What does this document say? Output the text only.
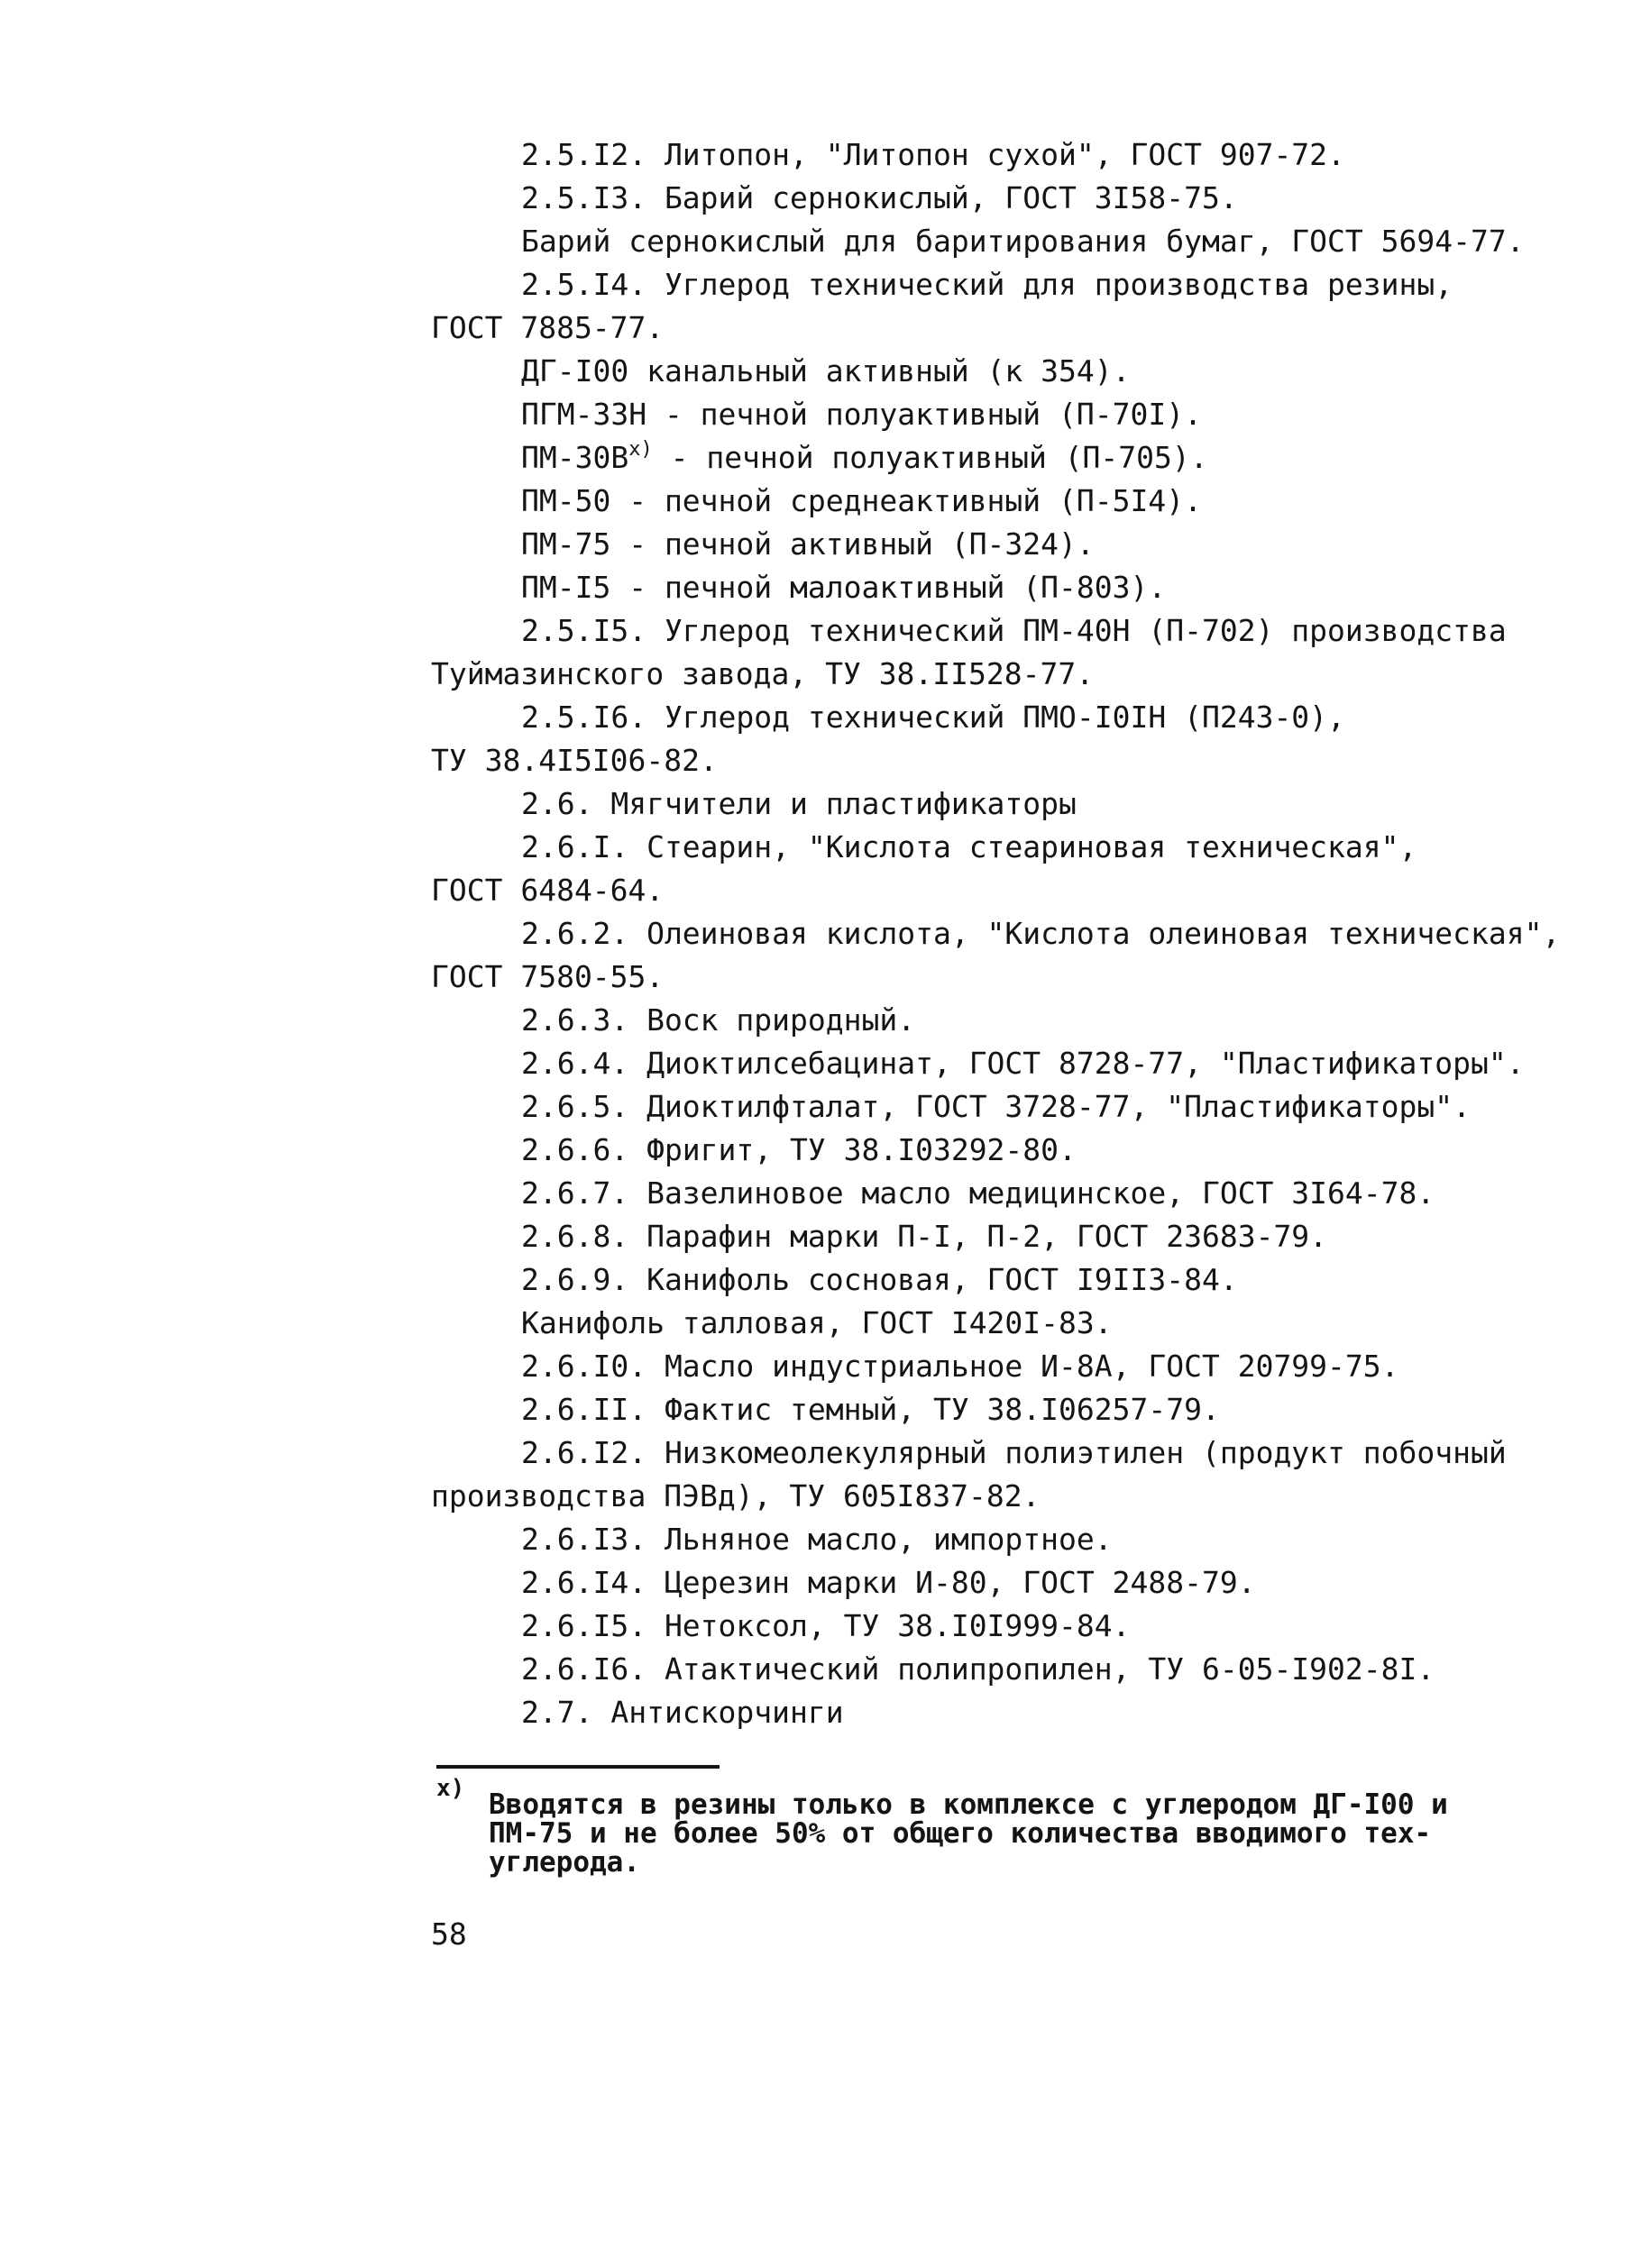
2.5.I2. Литопон, "Литопон сухой", ГОСТ 907-72.
2.5.I3. Барий сернокислый, ГОСТ 3I58-75.
Барий сернокислый для баритирования бумаг, ГОСТ 5694-77.
2.5.I4. Углерод технический для производства резины,
ГОСТ 7885-77.
ДГ-I00 канальный активный (к 354).
ПГМ-33Н - печной полуактивный (П-70I).
$ПМ-30В^{x)}$ - печной полуактивный (П-705).
ПМ-50 - печной среднеактивный (П-5I4).
ПМ-75 - печной активный (П-324).
ПМ-I5 - печной малоактивный (П-803).
2.5.I5. Углерод технический ПМ-40Н (П-702) производства
Туймазинского завода, ТУ 38.II528-77.
2.5.I6. Углерод технический ПМО-I0IН (П243-0),
ТУ 38.4I5I06-82.
2.6. Мягчители и пластификаторы
2.6.I. Стеарин, "Кислота стеариновая техническая",
ГОСТ 6484-64.
2.6.2. Олеиновая кислота, "Кислота олеиновая техническая",
ГОСТ 7580-55.
2.6.3. Воск природный.
2.6.4. Диоктилсебацинат, ГОСТ 8728-77, "Пластификаторы".
2.6.5. Диоктилфталат, ГОСТ 3728-77, "Пластификаторы".
2.6.6. Фригит, ТУ 38.I03292-80.
2.6.7. Вазелиновое масло медицинское, ГОСТ 3I64-78.
2.6.8. Парафин марки П-I, П-2, ГОСТ 23683-79.
2.6.9. Канифоль сосновая, ГОСТ I9II3-84.
Канифоль талловая, ГОСТ I420I-83.
2.6.I0. Масло индустриальное И-8А, ГОСТ 20799-75.
2.6.II. Фактис темный, ТУ 38.I06257-79.
2.6.I2. Низкомеолекулярный полиэтилен (продукт побочный
производства ПЭВд), ТУ 605I837-82.
2.6.I3. Льняное масло, импортное.
2.6.I4. Церезин марки И-80, ГОСТ 2488-79.
2.6.I5. Нетоксол, ТУ 38.I0I999-84.
2.6.I6. Атактический полипропилен, ТУ 6-05-I902-8I.
2.7. Антискорчинги
$^{x)}$ Вводятся в резины только в комплексе с углеродом ДГ-I00 и
ПМ-75 и не более 50% от общего количества вводимого тех-
углерода.
58
